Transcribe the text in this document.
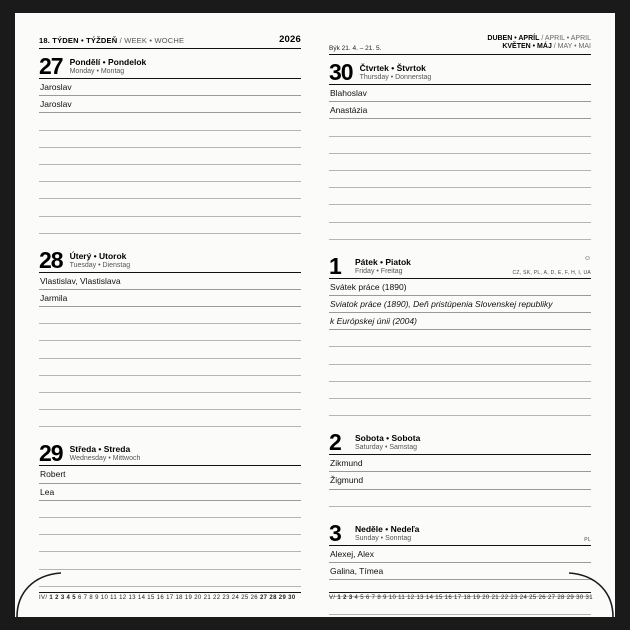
18. TÝDEN • TÝŽDEŇ / WEEK • WOCHE	2026
27 Pondělí • Pondelok
Monday • Montag
Jaroslav
Jaroslav
28 Úterý • Utorok
Tuesday • Dienstag
Vlastislav, Vlastislava
Jarmila
29 Středa • Streda
Wednesday • Mittwoch
Robert
Lea
IV/ 1 2 3 4 5 6 7 8 9 10 11 12 13 14 15 16 17 18 19 20 21 22 23 24 25 26 27 28 29 30
Býk 21. 4. – 21. 5.
DUBEN • APRÍL / APRIL • APRIL
KVĚTEN • MÁJ / MAY • MAI
30 Čtvrtek • Štvrtok
Thursday • Donnerstag
Blahoslav
Anastázia
1	Pátek • Piatok
Friday • Freitag
☺
CZ, SK, PL, A, D, E, F, H, I, UA
Svátek práce (1890)
Sviatok práce (1890), Deň pristúpenia Slovenskej republiky
k Európskej únii (2004)
2	Sobota • Sobota
Saturday • Samstag
Zikmund
Žigmund
3	Neděle • Nedeľa
Sunday • Sonntag	PL
Alexej, Alex
Galina, Tímea
V/ 1 2 3 4 5 6 7 8 9 10 11 12 13 14 15 16 17 18 19 20 21 22 23 24 25 26 27 28 29 30 31
